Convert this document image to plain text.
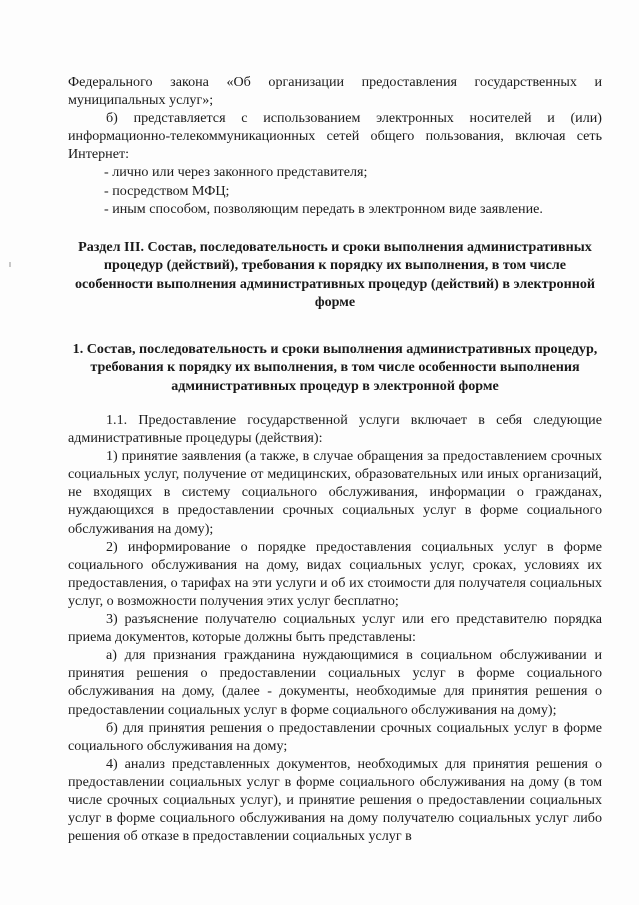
Федерального закона «Об организации предоставления государственных и муниципальных услуг»;

б) представляется с использованием электронных носителей и (или) информационно-телекоммуникационных сетей общего пользования, включая сеть Интернет:

- лично или через законного представителя;

- посредством МФЦ;

- иным способом, позволяющим передать в электронном виде заявление.

Раздел III. Состав, последовательность и сроки выполнения административных процедур (действий), требования к порядку их выполнения, в том числе особенности выполнения административных процедур (действий) в электронной форме
1. Состав, последовательность и сроки выполнения административных процедур, требования к порядку их выполнения, в том числе особенности выполнения административных процедур в электронной форме

1.1. Предоставление государственной услуги включает в себя следующие административные процедуры (действия):

1) принятие заявления (а также, в случае обращения за предоставлением срочных социальных услуг, получение от медицинских, образовательных или иных организаций, не входящих в систему социального обслуживания, информации о гражданах, нуждающихся в предоставлении срочных социальных услуг в форме социального обслуживания на дому);

2) информирование о порядке предоставления социальных услуг в форме социального обслуживания на дому, видах социальных услуг, сроках, условиях их предоставления, о тарифах на эти услуги и об их стоимости для получателя социальных услуг, о возможности получения этих услуг бесплатно;

3) разъяснение получателю социальных услуг или его представителю порядка приема документов, которые должны быть представлены:

а) для признания гражданина нуждающимися в социальном обслуживании и принятия решения о предоставлении социальных услуг в форме социального обслуживания на дому, (далее - документы, необходимые для принятия решения о предоставлении социальных услуг в форме социального обслуживания на дому);

б) для принятия решения о предоставлении срочных социальных услуг в форме социального обслуживания на дому;

4) анализ представленных документов, необходимых для принятия решения о предоставлении социальных услуг в форме социального обслуживания на дому (в том числе срочных социальных услуг), и принятие решения о предоставлении социальных услуг в форме социального обслуживания на дому получателю социальных услуг либо решения об отказе в предоставлении социальных услуг в
